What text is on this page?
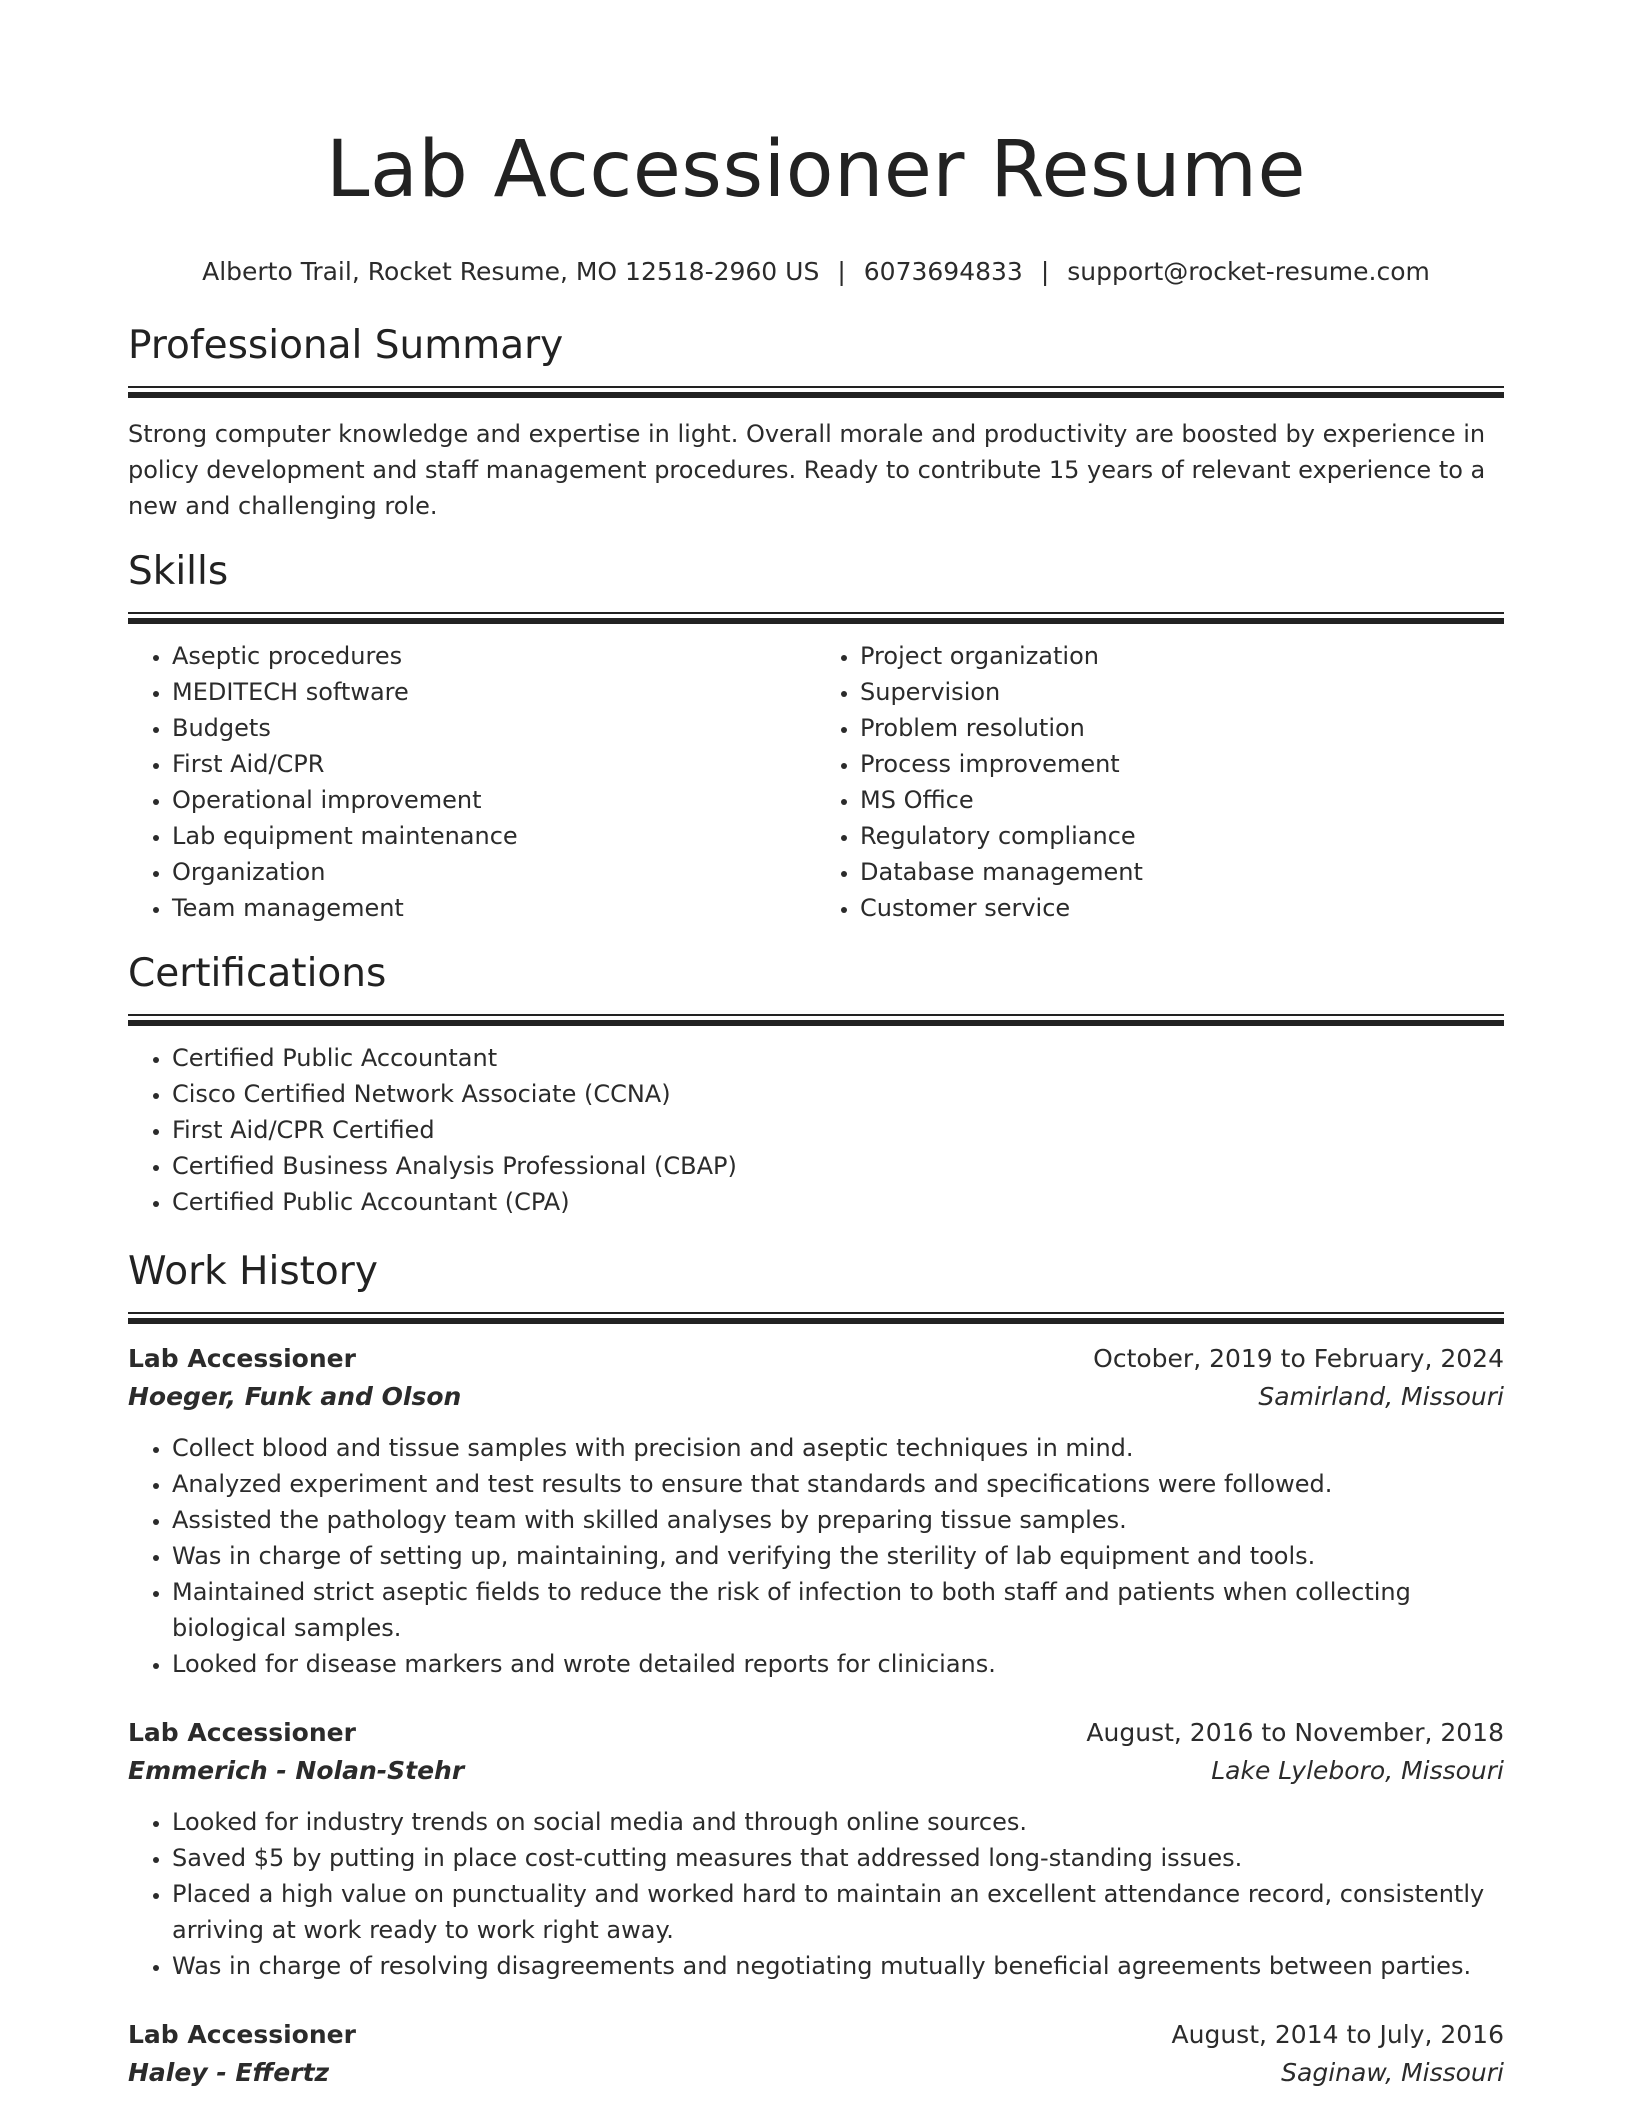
Lab Accessioner Resume
Alberto Trail, Rocket Resume, MO 12518-2960 US | 6073694833 | support@rocket-resume.com
Professional Summary

Strong computer knowledge and expertise in light. Overall morale and productivity are boosted by experience in policy development and staff management procedures. Ready to contribute 15 years of relevant experience to a new and challenging role.

Skills
• Aseptic procedures
• MEDITECH software
• Budgets
• First Aid/CPR
• Operational improvement
• Lab equipment maintenance
• Organization
• Team management
• Project organization
• Supervision
• Problem resolution
• Process improvement
• MS Office
• Regulatory compliance
• Database management
• Customer service
Certifications
• Certified Public Accountant
• Cisco Certified Network Associate (CCNA)
• First Aid/CPR Certified
• Certified Business Analysis Professional (CBAP)
• Certified Public Accountant (CPA)
Work History
Lab Accessioner	October, 2019 to February, 2024
Hoeger, Funk and Olson	Samirland, Missouri
• Collect blood and tissue samples with precision and aseptic techniques in mind.
• Analyzed experiment and test results to ensure that standards and specifications were followed.
• Assisted the pathology team with skilled analyses by preparing tissue samples.
• Was in charge of setting up, maintaining, and verifying the sterility of lab equipment and tools.
• Maintained strict aseptic fields to reduce the risk of infection to both staff and patients when collecting biological samples.
• Looked for disease markers and wrote detailed reports for clinicians.
Lab Accessioner	August, 2016 to November, 2018
Emmerich - Nolan-Stehr	Lake Lyleboro, Missouri
• Looked for industry trends on social media and through online sources.
• Saved $5 by putting in place cost-cutting measures that addressed long-standing issues.
• Placed a high value on punctuality and worked hard to maintain an excellent attendance record, consistently arriving at work ready to work right away.
• Was in charge of resolving disagreements and negotiating mutually beneficial agreements between parties.
Lab Accessioner	August, 2014 to July, 2016
Haley - Effertz	Saginaw, Missouri
